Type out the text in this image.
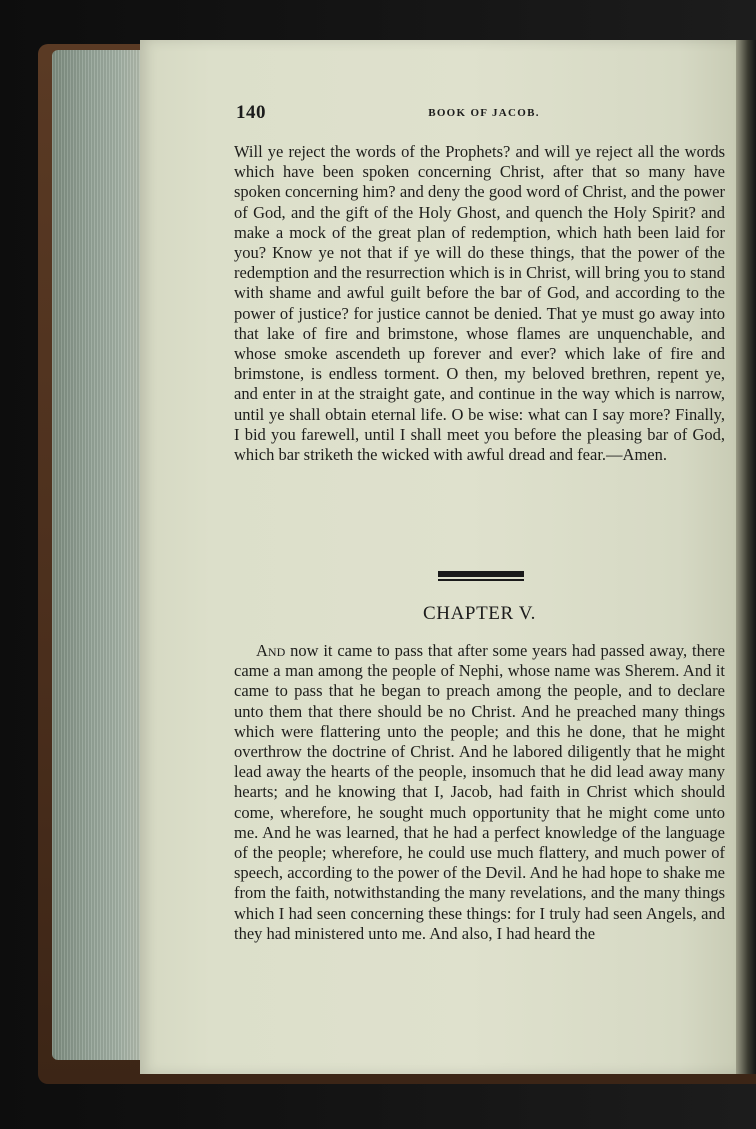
140	BOOK OF JACOB.

Will ye reject the words of the Prophets? and will ye reject all the words which have been spoken concerning Christ, after that so many have spoken concerning him? and deny the good word of Christ, and the power of God, and the gift of the Holy Ghost, and quench the Holy Spirit? and make a mock of the great plan of redemption, which hath been laid for you? Know ye not that if ye will do these things, that the power of the redemption and the resurrection which is in Christ, will bring you to stand with shame and awful guilt before the bar of God, and according to the power of justice? for justice cannot be denied. That ye must go away into that lake of fire and brimstone, whose flames are unquenchable, and whose smoke ascendeth up forever and ever? which lake of fire and brimstone, is endless torment. O then, my beloved brethren, repent ye, and enter in at the straight gate, and continue in the way which is narrow, until ye shall obtain eternal life. O be wise: what can I say more? Finally, I bid you farewell, until I shall meet you before the pleasing bar of God, which bar striketh the wicked with awful dread and fear.—Amen.

CHAPTER V.

And now it came to pass that after some years had passed away, there came a man among the people of Nephi, whose name was Sherem. And it came to pass that he began to preach among the people, and to declare unto them that there should be no Christ. And he preached many things which were flattering unto the people; and this he done, that he might overthrow the doctrine of Christ. And he labored diligently that he might lead away the hearts of the people, insomuch that he did lead away many hearts; and he knowing that I, Jacob, had faith in Christ which should come, wherefore, he sought much opportunity that he might come unto me. And he was learned, that he had a perfect knowledge of the language of the people; wherefore, he could use much flattery, and much power of speech, according to the power of the Devil. And he had hope to shake me from the faith, notwithstanding the many revelations, and the many things which I had seen concerning these things: for I truly had seen Angels, and they had ministered unto me. And also, I had heard the
